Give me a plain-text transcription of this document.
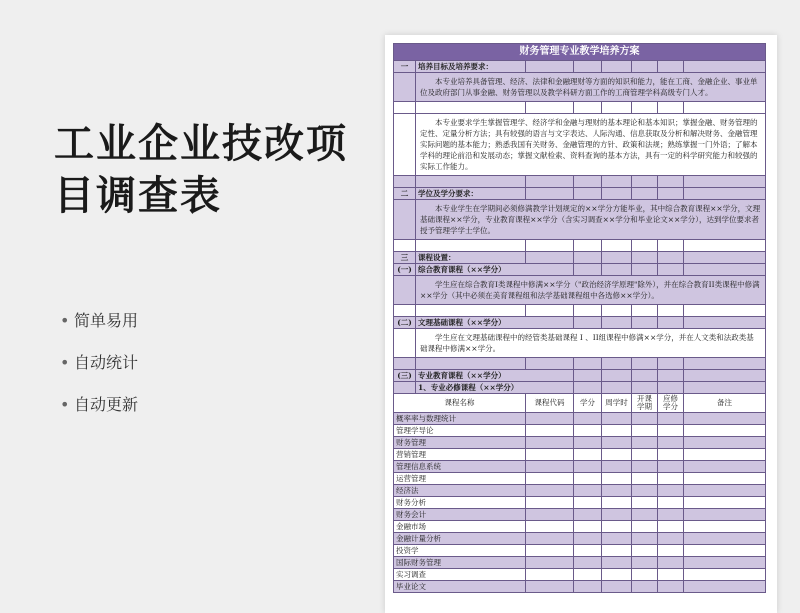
工业企业技改项目调查表
• 简单易用
• 自动统计
• 自动更新
财务管理专业教学培养方案							
一	培养目标及培养要求：						
	本专业培养具备管理、经济、法律和金融理财等方面的知识和能力，能在工商、金融企业、事业单位及政府部门从事金融、财务管理以及教学科研方面工作的工商管理学科高级专门人才。						

	本专业要求学生掌握管理学、经济学和金融与理财的基本理论和基本知识；掌握金融、财务管理的定性、定量分析方法；具有较强的语言与文字表达、人际沟通、信息获取及分析和解决财务、金融管理实际问题的基本能力；熟悉我国有关财务、金融管理的方针、政策和法规；熟练掌握一门外语；了解本学科的理论前沿和发展动态；掌握文献检索、资料查询的基本方法，具有一定的科学研究能力和较强的实际工作能力。						

二	学位及学分要求：						
	本专业学生在学期间必须修满教学计划规定的××学分方能毕业，其中综合教育课程××学分，文理基础课程××学分，专业教育课程××学分（含实习调查××学分和毕业论文××学分），达到学位要求者授予管理学学士学位。						

三	课程设置：						
(一)	综合教育课程（××学分）						
	学生应在综合教育I类课程中修满××学分（"政治经济学原理"除外），并在综合教育II类课程中修满××学分（其中必须在美育课程组和法学基础课程组中各选修××学分）。						

(二)	文理基础课程（××学分）						
	学生应在文理基础课程中的经管类基础课程 I 、II组课程中修满××学分，并在人文类和法政类基础课程中修满××学分。						

(三)	专业教育课程（××学分）						
	1、专业必修课程（××学分）						
课程名称		课程代码	学分	周学时	开课学期	应修学分	备注
概率率与数理统计							
管理学导论							
财务管理							
营销管理							
管理信息系统							
运营管理							
经济法							
财务分析							
财务会计							
金融市场							
金融计量分析							
投资学							
国际财务管理							
实习调查							
毕业论文							
